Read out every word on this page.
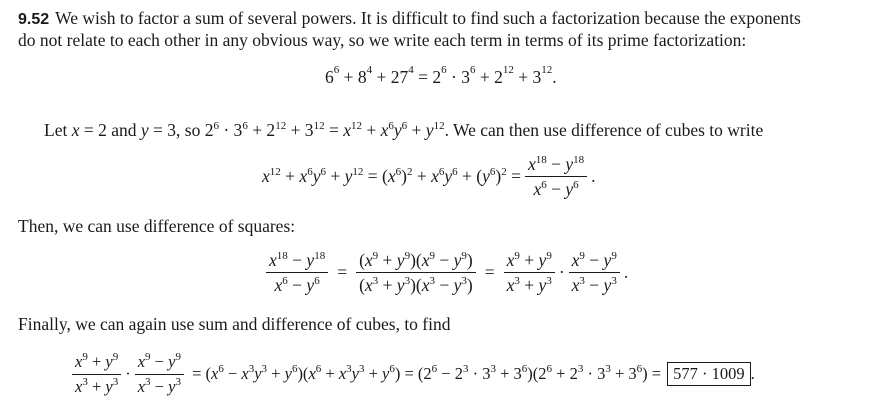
9.52 We wish to factor a sum of several powers. It is difficult to find such a factorization because the exponents
do not relate to each other in any obvious way, so we write each term in terms of its prime factorization:
$6^6 + 8^4 + 27^4 = 2^6 \cdot 3^6 + 2^{12} + 3^{12}$ .
Let x = 2 and y = 3, so $2^6 \cdot 3^6 + 2^{12} + 3^{12} = x^{12} + x^6y^6 + y^{12}$. We can then use difference of cubes to write
$x^{12} + x^6y^6 + y^{12} = (x^6)^2 + x^6y^6 + (y^6)^2 = \frac{x^{18} - y^{18}}{x^6 - y^6}$ .
Then, we can use difference of squares:
$\frac{x^{18} - y^{18}}{x^6 - y^6} = \frac{(x^9 + y^9)(x^9 - y^9)}{(x^3 + y^3)(x^3 - y^3)} = \frac{x^9 + y^9}{x^3 + y^3} \cdot \frac{x^9 - y^9}{x^3 - y^3}$ .
Finally, we can again use sum and difference of cubes, to find
$\frac{x^9 + y^9}{x^3 + y^3} \cdot \frac{x^9 - y^9}{x^3 - y^3} = (x^6 - x^3y^3 + y^6)(x^6 + x^3y^3 + y^6) = (2^6 - 2^3 \cdot 3^3 + 3^6)(2^6 + 2^3 \cdot 3^3 + 3^6) = 577 \cdot 1009$ .
